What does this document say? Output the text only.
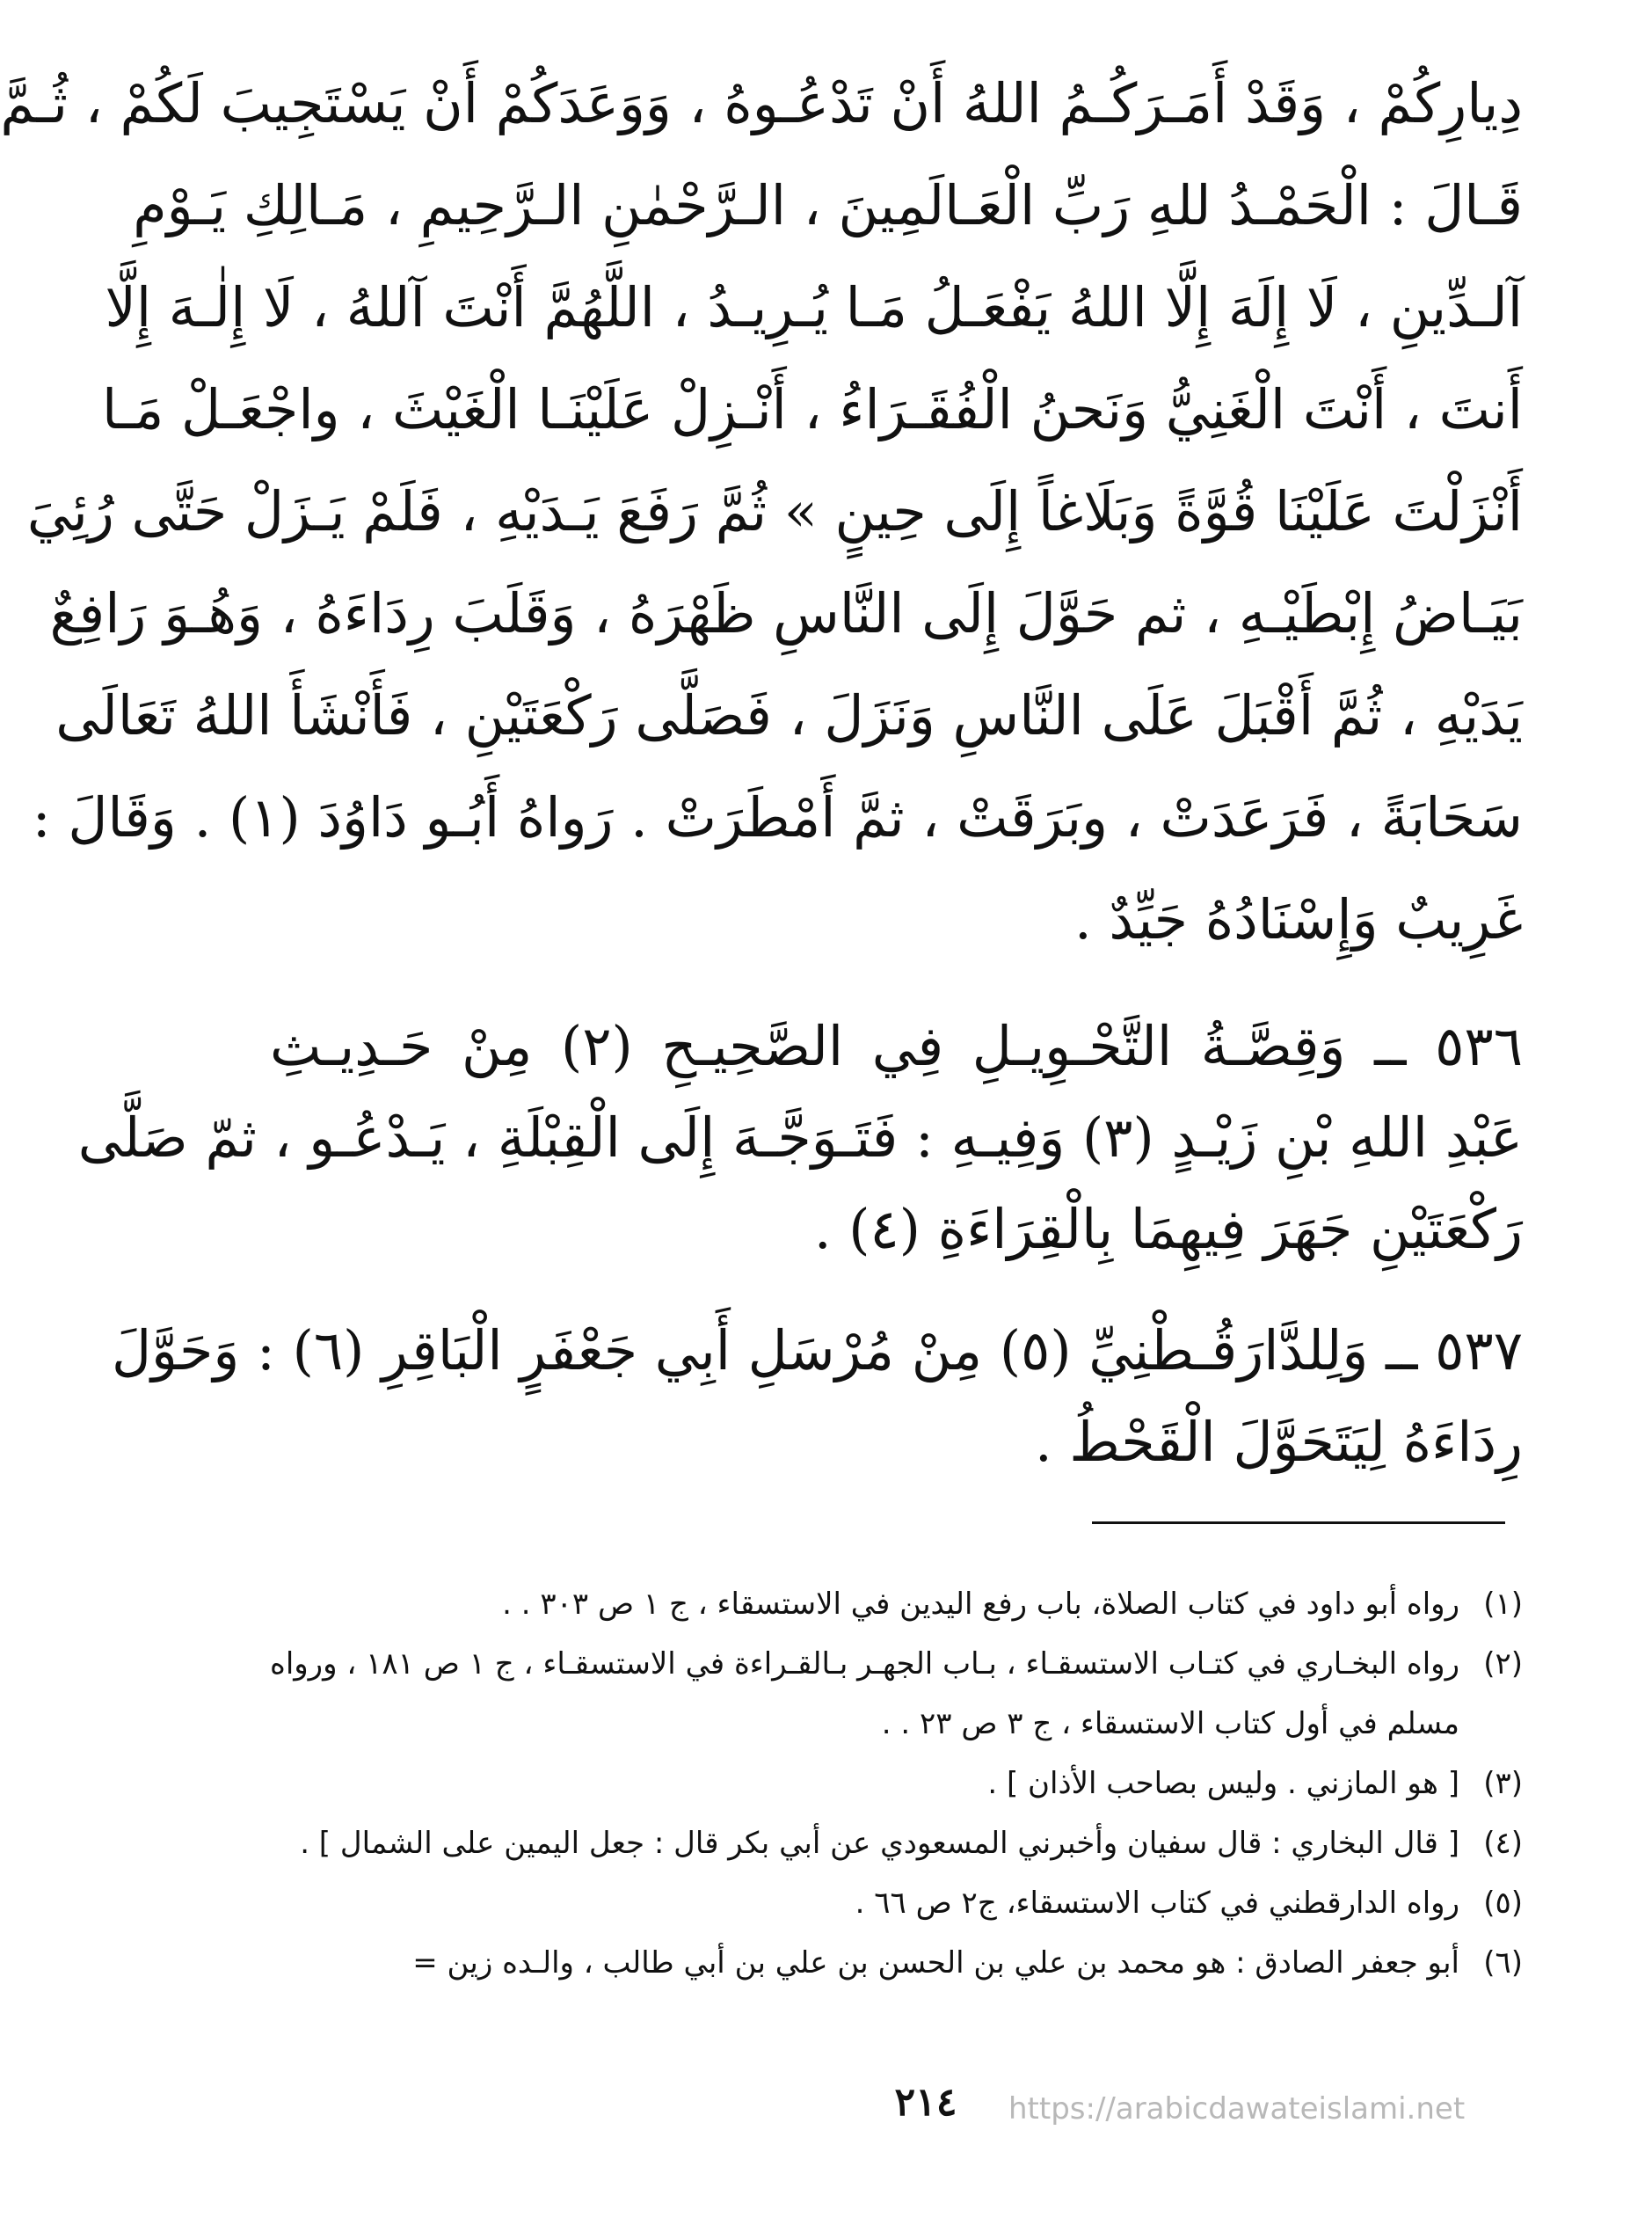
دِيارِكُمْ ، وَقَدْ أَمَـرَكُـمُ اللهُ أَنْ تَدْعُـوهُ ، وَوَعَدَكُمْ أَنْ يَسْتَجِيبَ لَكُمْ ، ثُـمَّ
قَـالَ : الْحَمْـدُ للهِ رَبِّ الْعَـالَمِينَ ، الـرَّحْمٰنِ الـرَّحِيمِ ، مَـالِكِ يَـوْمِ
آلـدِّينِ ، لَا إِلَهَ إِلَّا اللهُ يَفْعَـلُ مَـا يُـرِيـدُ ، اللَّهُمَّ أَنْتَ آللهُ ، لَا إِلٰـهَ إِلَّا
أَنتَ ، أَنْتَ الْغَنِيُّ وَنَحنُ الْفُقَـرَاءُ ، أَنْـزِلْ عَلَيْنَـا الْغَيْثَ ، واجْعَـلْ مَـا
أَنْزَلْتَ عَلَيْنَا قُوَّةً وَبَلَاغاً إِلَى حِينٍ » ثُمَّ رَفَعَ يَـدَيْهِ ، فَلَمْ يَـزَلْ حَتَّى رُئِيَ
بَيَـاضُ إِبْطَيْـهِ ، ثم حَوَّلَ إِلَى النَّاسِ ظَهْرَهُ ، وَقَلَبَ رِدَاءَهُ ، وَهُـوَ رَافِعٌ
يَدَيْهِ ، ثُمَّ أَقْبَلَ عَلَى النَّاسِ وَنَزَلَ ، فَصَلَّى رَكْعَتَيْنِ ، فَأَنْشَأَ اللهُ تَعَالَى
سَحَابَةً ، فَرَعَدَتْ ، وبَرَقَتْ ، ثمَّ أَمْطَرَتْ . رَواهُ أَبُـو دَاوُدَ (١) . وَقَالَ :
غَرِيبٌ وَإِسْنَادُهُ جَيِّدٌ .
٥٣٦ ــ وَقِصَّـةُ التَّحْـوِيـلِ فِي الصَّحِيـحِ (٢) مِنْ حَـدِيـثِ
عَبْدِ اللهِ بْنِ زَيْـدٍ (٣) وَفِيـهِ : فَتَـوَجَّـهَ إِلَى الْقِبْلَةِ ، يَـدْعُـو ، ثمّ صَلَّى
رَكْعَتَيْنِ جَهَرَ فِيهِمَا بِالْقِرَاءَةِ (٤) .
٥٣٧ ــ وَلِلدَّارَقُـطْنِيِّ (٥) مِنْ مُرْسَلِ أَبِي جَعْفَرٍ الْبَاقِرِ (٦) : وَحَوَّلَ
رِدَاءَهُ لِيَتَحَوَّلَ الْقَحْطُ .
(١)
رواه أبو داود في كتاب الصلاة، باب رفع اليدين في الاستسقاء ، ج ١ ص ٣٠٣ . .
(٢)
رواه البخـاري في كتـاب الاستسقـاء ، بـاب الجهـر بـالقـراءة في الاستسقـاء ، ج ١ ص ١٨١ ، ورواه مسلم في أول كتاب الاستسقاء ، ج ٣ ص ٢٣ . .
(٣)
[ هو المازني . وليس بصاحب الأذان ] .
(٤)
[ قال البخاري : قال سفيان وأخبرني المسعودي عن أبي بكر قال : جعل اليمين على الشمال ] .
(٥)
رواه الدارقطني في كتاب الاستسقاء، ج٢ ص ٦٦ .
(٦)
أبو جعفر الصادق : هو محمد بن علي بن الحسن بن علي بن أبي طالب ، والـده زين =
٢١٤	https://arabicdawateislami.net
